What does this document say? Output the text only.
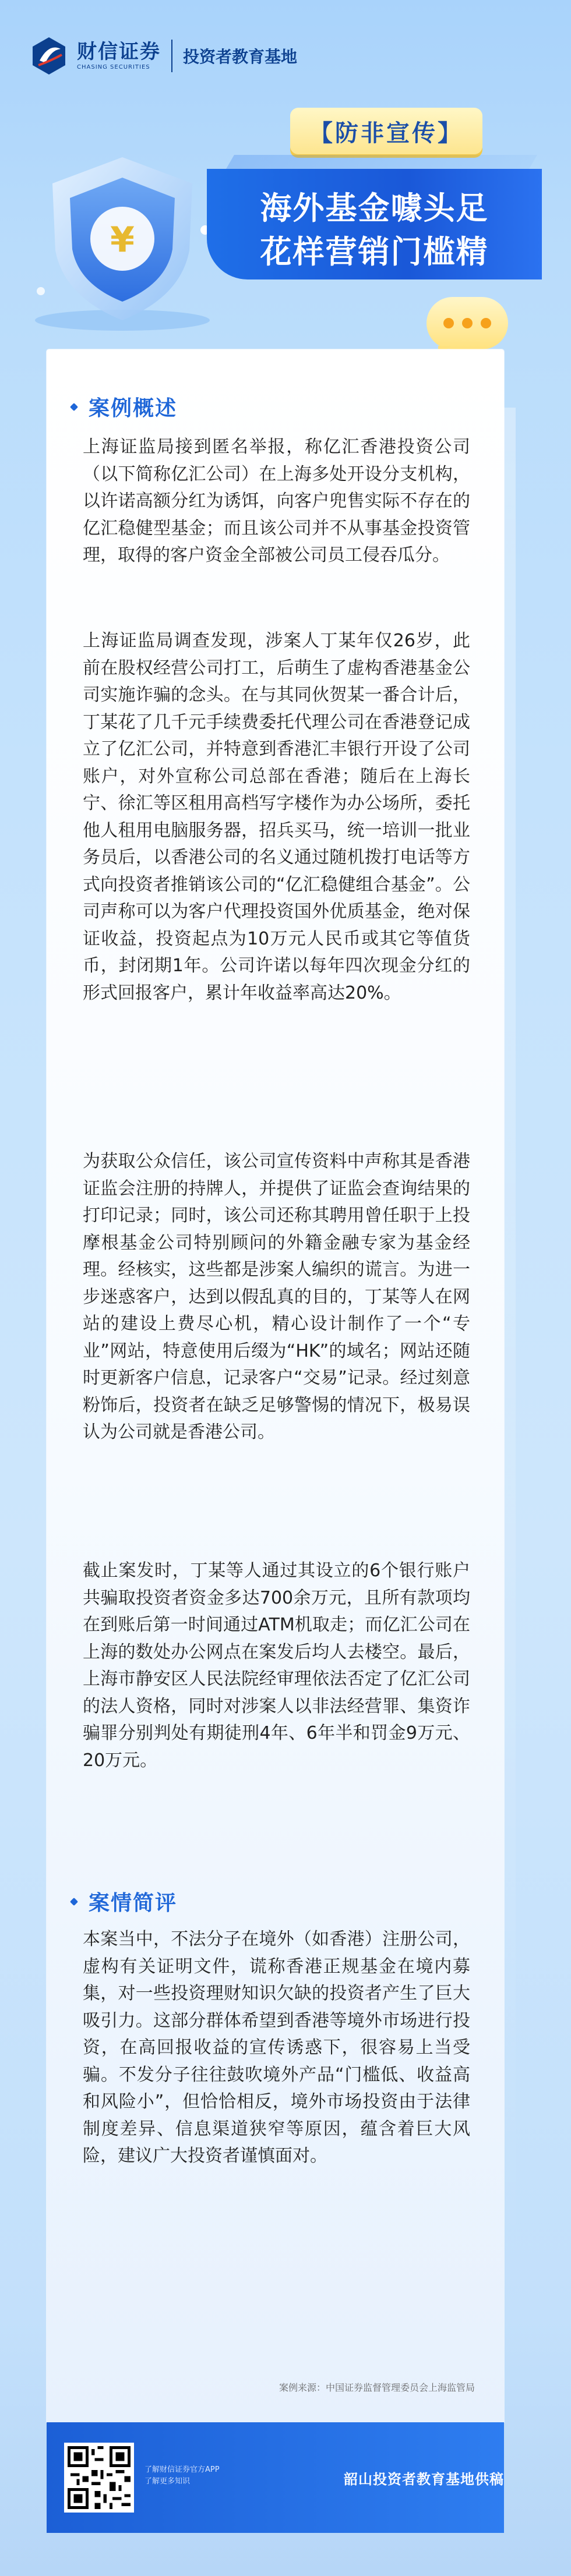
财信证券
CHASING SECURITIES
投资者教育基地
¥
【防非宣传】
海外基金噱头足
花样营销门槛精
案例概述

上海证监局接到匿名举报，称亿汇香港投资公司（以下简称亿汇公司）在上海多处开设分支机构，以许诺高额分红为诱饵，向客户兜售实际不存在的亿汇稳健型基金；而且该公司并不从事基金投资管理，取得的客户资金全部被公司员工侵吞瓜分。

上海证监局调查发现，涉案人丁某年仅26岁，此前在股权经营公司打工，后萌生了虚构香港基金公司实施诈骗的念头。在与其同伙贺某一番合计后，丁某花了几千元手续费委托代理公司在香港登记成立了亿汇公司，并特意到香港汇丰银行开设了公司账户，对外宣称公司总部在香港；随后在上海长宁、徐汇等区租用高档写字楼作为办公场所，委托他人租用电脑服务器，招兵买马，统一培训一批业务员后，以香港公司的名义通过随机拨打电话等方式向投资者推销该公司的“亿汇稳健组合基金”。公司声称可以为客户代理投资国外优质基金，绝对保证收益，投资起点为10万元人民币或其它等值货币，封闭期1年。公司许诺以每年四次现金分红的形式回报客户，累计年收益率高达20%。

为获取公众信任，该公司宣传资料中声称其是香港证监会注册的持牌人，并提供了证监会查询结果的打印记录；同时，该公司还称其聘用曾任职于上投摩根基金公司特别顾问的外籍金融专家为基金经理。经核实，这些都是涉案人编织的谎言。为进一步迷惑客户，达到以假乱真的目的，丁某等人在网站的建设上费尽心机，精心设计制作了一个“专业”网站，特意使用后缀为“HK”的域名；网站还随时更新客户信息，记录客户“交易”记录。经过刻意粉饰后，投资者在缺乏足够警惕的情况下，极易误认为公司就是香港公司。

截止案发时，丁某等人通过其设立的6个银行账户共骗取投资者资金多达700余万元，且所有款项均在到账后第一时间通过ATM机取走；而亿汇公司在上海的数处办公网点在案发后均人去楼空。最后，上海市静安区人民法院经审理依法否定了亿汇公司的法人资格，同时对涉案人以非法经营罪、集资诈骗罪分别判处有期徒刑4年、6年半和罚金9万元、20万元。

案情简评

本案当中，不法分子在境外（如香港）注册公司，虚构有关证明文件，谎称香港正规基金在境内募集，对一些投资理财知识欠缺的投资者产生了巨大吸引力。这部分群体希望到香港等境外市场进行投资，在高回报收益的宣传诱惑下，很容易上当受骗。不发分子往往鼓吹境外产品“门槛低、收益高和风险小”，但恰恰相反，境外市场投资由于法律制度差异、信息渠道狭窄等原因，蕴含着巨大风险，建议广大投资者谨慎面对。

案例来源：中国证券监督管理委员会上海监管局
了解财信证券官方APP
了解更多知识	韶山投资者教育基地供稿
